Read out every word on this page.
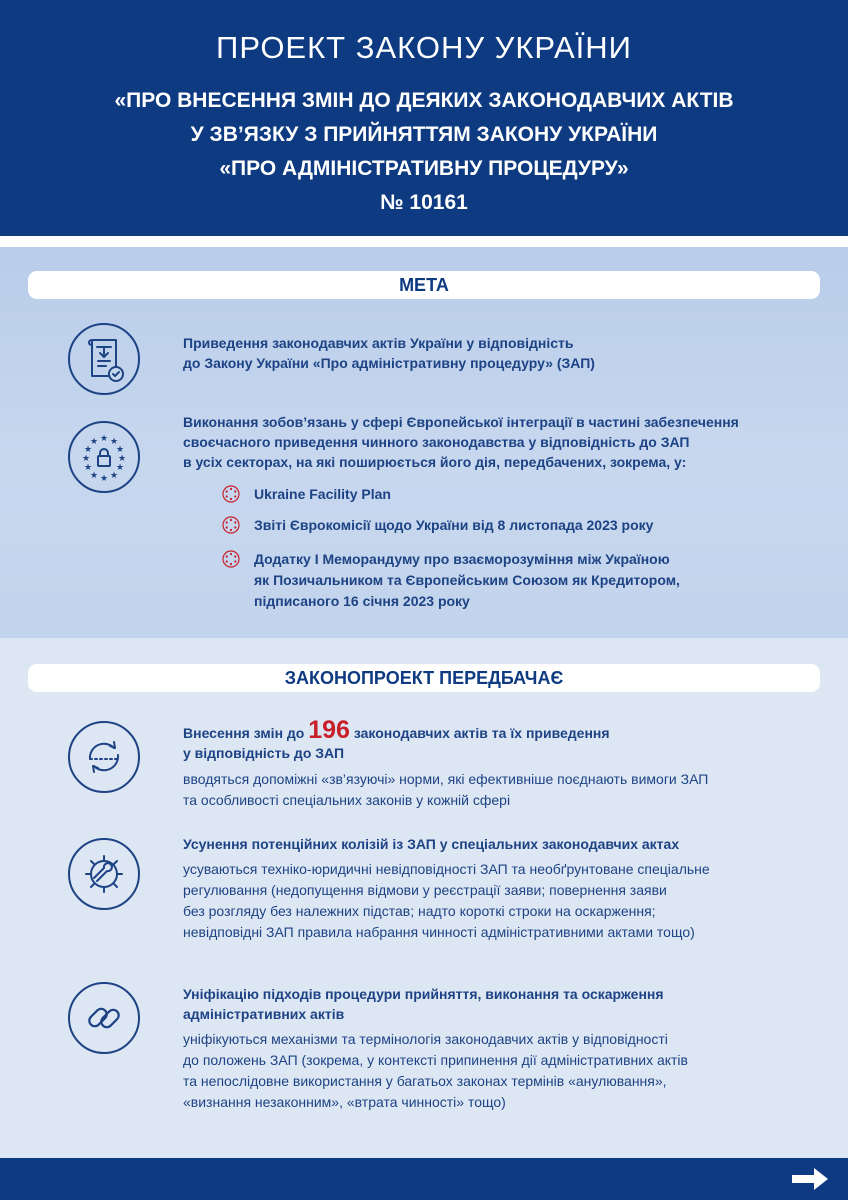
ПРОЕКТ ЗАКОНУ УКРАЇНИ
«ПРО ВНЕСЕННЯ ЗМІН ДО ДЕЯКИХ ЗАКОНОДАВЧИХ АКТІВ
У ЗВ’ЯЗКУ З ПРИЙНЯТТЯМ ЗАКОНУ УКРАЇНИ
«ПРО АДМІНІСТРАТИВНУ ПРОЦЕДУРУ»
№ 10161
МЕТА
Приведення законодавчих актів України у відповідність
до Закону України «Про адміністративну процедуру» (ЗАП)
★ ★
★
★
★
★
★
★
★
★
★
★
Виконання зобов’язань у сфері Європейської інтеграції в частині забезпечення
своєчасного приведення чинного законодавства у відповідність до ЗАП
в усіх секторах, на які поширюється його дія, передбачених, зокрема, у:
Ukraine Facility Plan
Звіті Єврокомісії щодо України від 8 листопада 2023 року
Додатку І Меморандуму про взаєморозуміння між Україною
як Позичальником та Європейським Союзом як Кредитором,
підписаного 16 січня 2023 року
ЗАКОНОПРОЕКТ ПЕРЕДБАЧАЄ
Внесення змін до 196 законодавчих актів та їх приведення
у відповідність до ЗАП
вводяться допоміжні «зв’язуючі» норми, які ефективніше поєднають вимоги ЗАП
та особливості спеціальних законів у кожній сфері
Усунення потенційних колізій із ЗАП у спеціальних законодавчих актах
усуваються техніко-юридичні невідповідності ЗАП та необґрунтоване спеціальне
регулювання (недопущення відмови у реєстрації заяви; повернення заяви
без розгляду без належних підстав; надто короткі строки на оскарження;
невідповідні ЗАП правила набрання чинності адміністративними актами тощо)
Уніфікацію підходів процедури прийняття, виконання та оскарження
адміністративних актів
уніфікуються механізми та термінологія законодавчих актів у відповідності
до положень ЗАП (зокрема, у контексті припинення дії адміністративних актів
та непослідовне використання у багатьох законах термінів «анулювання»,
«визнання незаконним», «втрата чинності» тощо)
